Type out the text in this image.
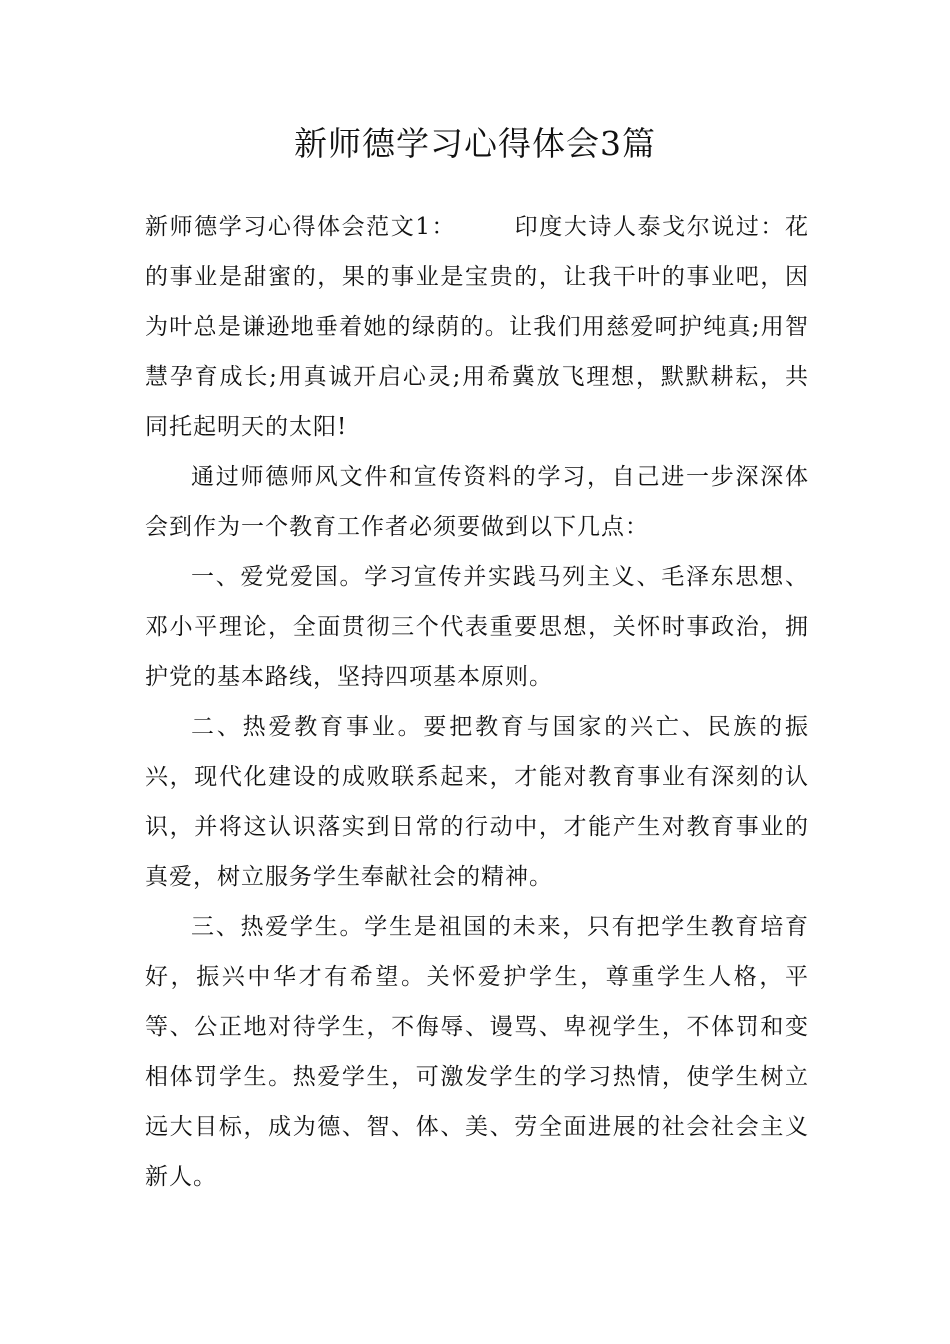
新师德学习心得体会3篇

新师德学习心得体会范文1：	印度大诗人泰戈尔说过：花的事业是甜蜜的，果的事业是宝贵的，让我干叶的事业吧，因为叶总是谦逊地垂着她的绿荫的。让我们用慈爱呵护纯真;用智慧孕育成长;用真诚开启心灵;用希冀放飞理想，默默耕耘，共同托起明天的太阳!

通过师德师风文件和宣传资料的学习，自己进一步深深体会到作为一个教育工作者必须要做到以下几点：

一、爱党爱国。学习宣传并实践马列主义、毛泽东思想、邓小平理论，全面贯彻三个代表重要思想，关怀时事政治，拥护党的基本路线，坚持四项基本原则。

二、热爱教育事业。要把教育与国家的兴亡、民族的振兴，现代化建设的成败联系起来，才能对教育事业有深刻的认识，并将这认识落实到日常的行动中，才能产生对教育事业的真爱，树立服务学生奉献社会的精神。

三、热爱学生。学生是祖国的未来，只有把学生教育培育好，振兴中华才有希望。关怀爱护学生，尊重学生人格，平等、公正地对待学生，不侮辱、谩骂、卑视学生，不体罚和变相体罚学生。热爱学生，可激发学生的学习热情，使学生树立远大目标，成为德、智、体、美、劳全面进展的社会社会主义新人。
